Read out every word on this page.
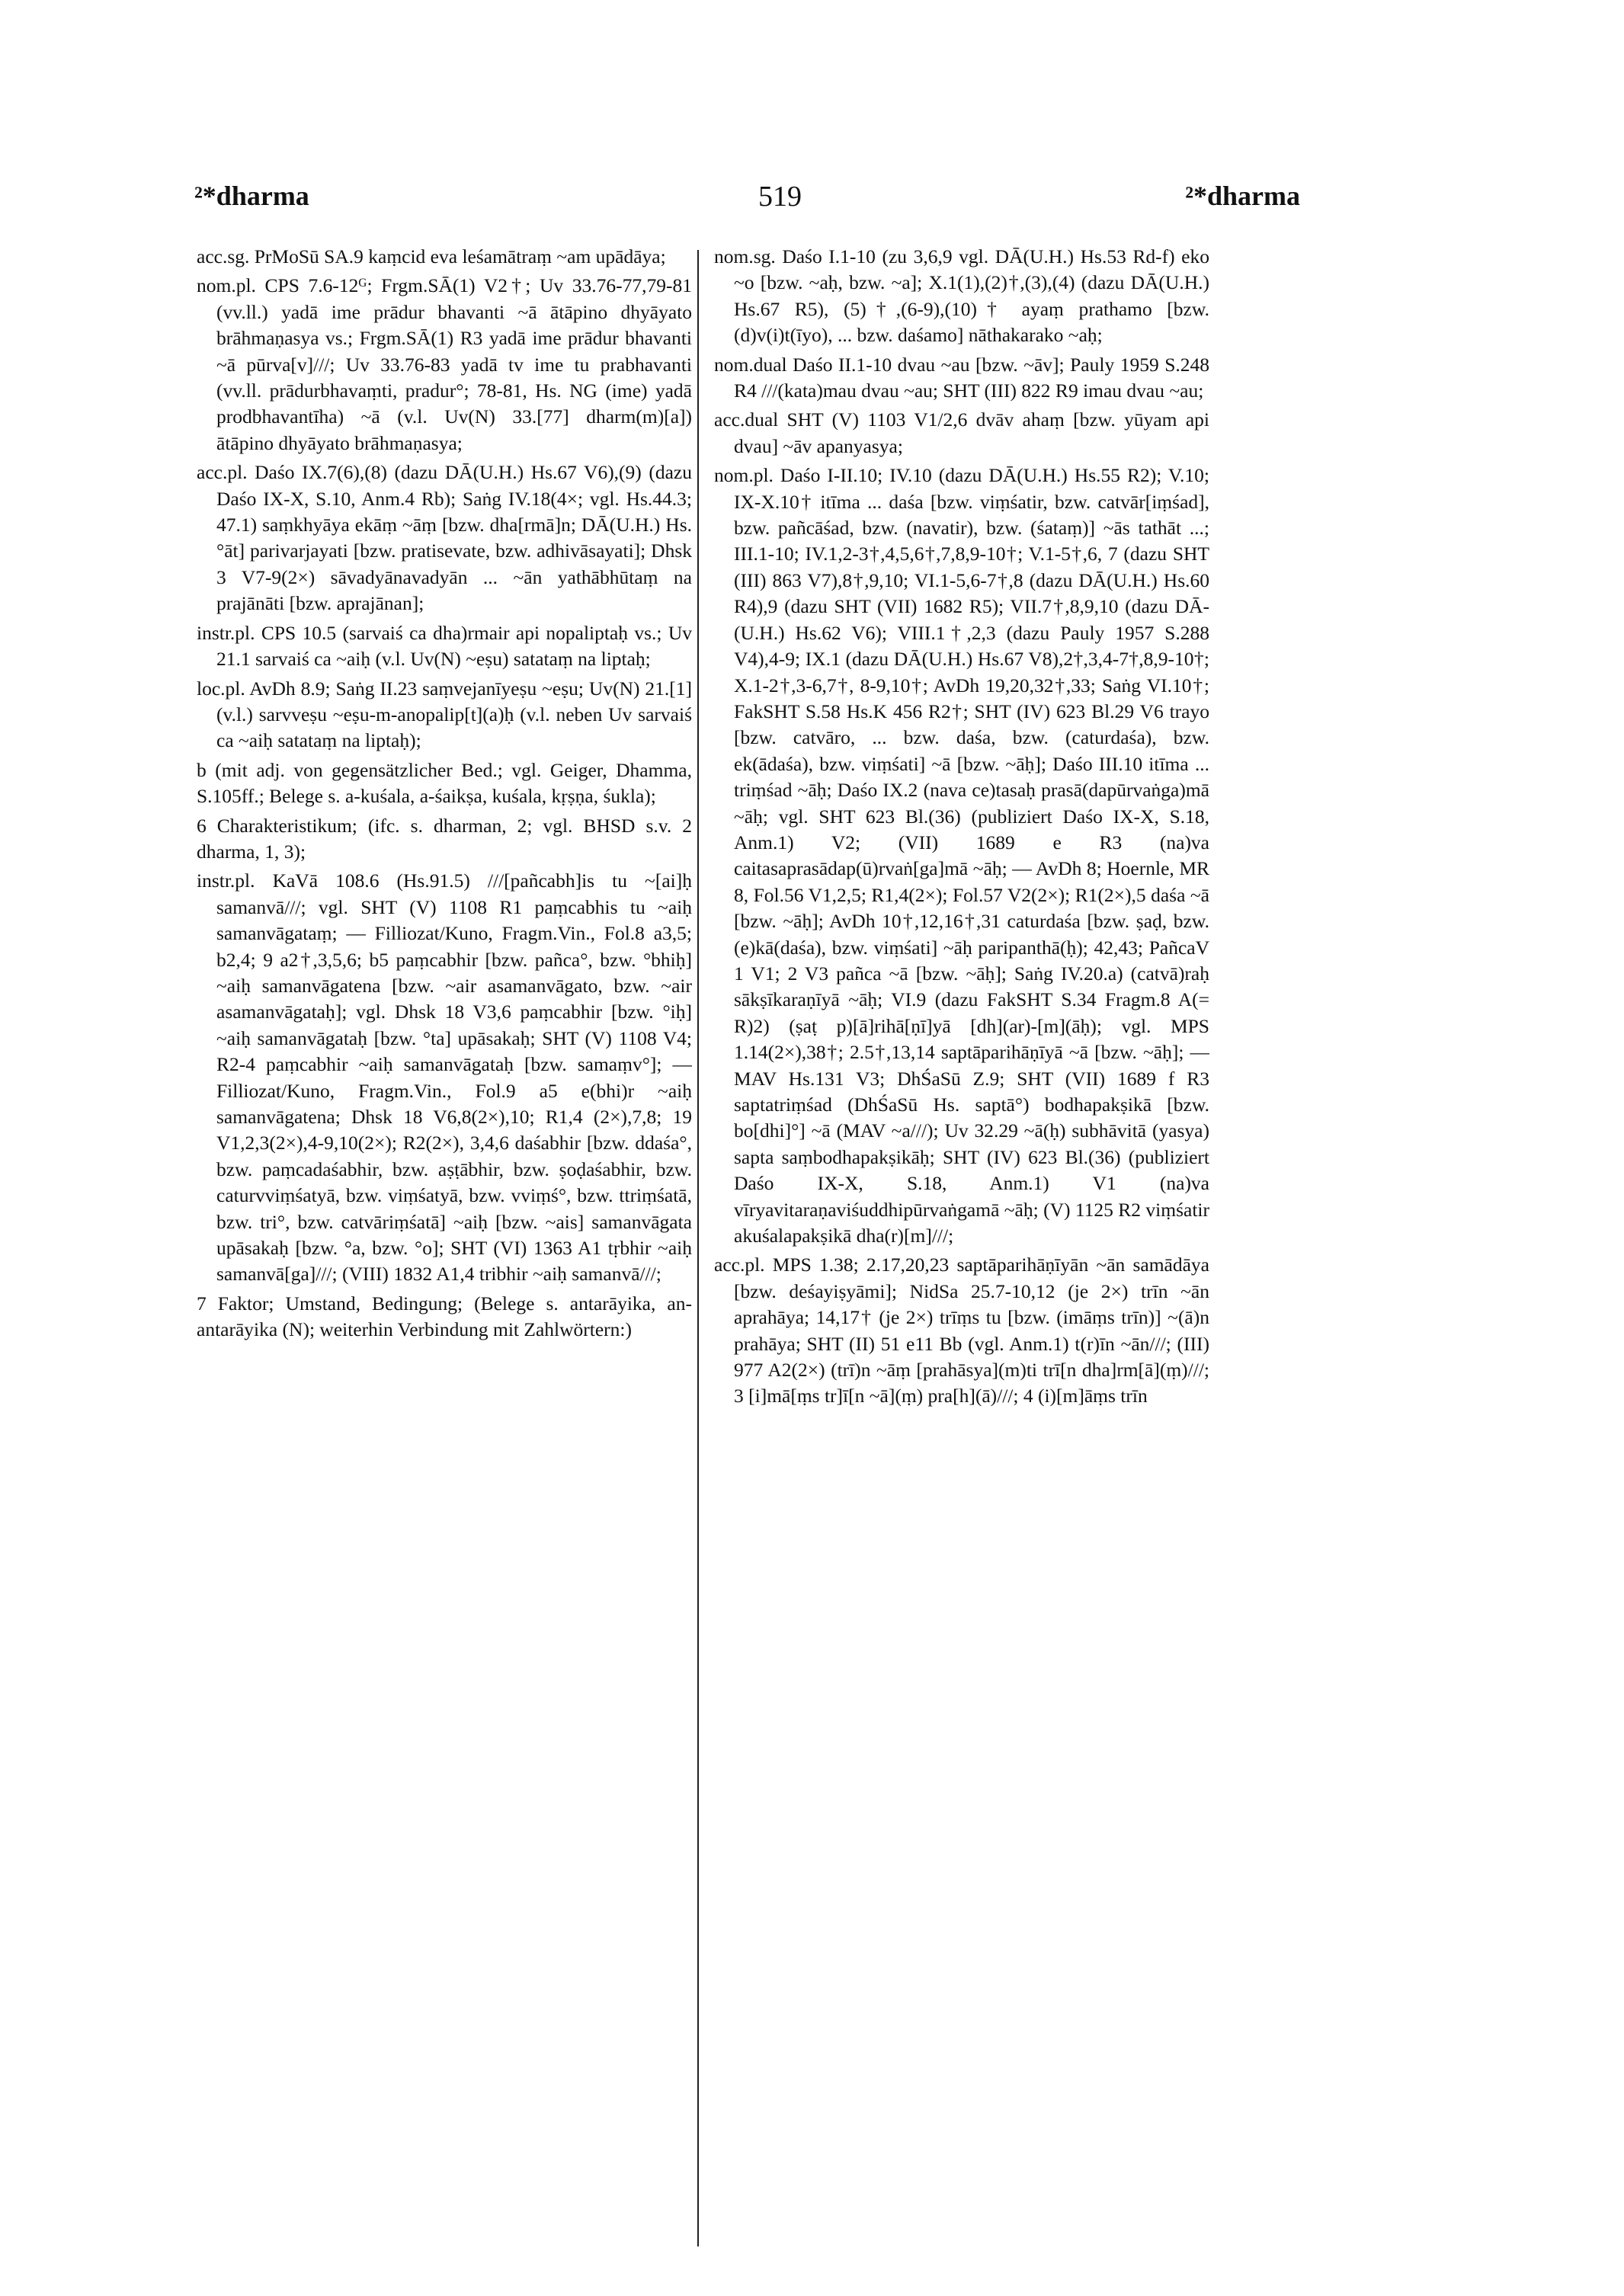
²*dharma	519	²*dharma

acc.sg. PrMoSū SA.9 kaṃcid eva leśamātraṃ ~am upādāya;

nom.pl. CPS 7.6-12ᴳ; Frgm.SĀ(1) V2†; Uv 33.76-77,79-81 (vv.ll.) yadā ime prādur bhavanti ~ā ātāpino dhyāyato brāhmaṇasya vs.; Frgm.SĀ(1) R3 yadā ime prādur bhavanti ~ā pūrva[v]///; Uv 33.76-83 yadā tv ime tu prabhavanti (vv.ll. prādurbhavaṃti, pradur°; 78-81, Hs. NG (ime) yadā prodbhavantīha) ~ā (v.l. Uv(N) 33.[77] dharm(m)[a]) ātāpino dhyāyato brāhmaṇasya;

acc.pl. Daśo IX.7(6),(8) (dazu DĀ(U.H.) Hs.67 V6),(9) (dazu Daśo IX-X, S.10, Anm.4 Rb); Saṅg IV.18(4×; vgl. Hs.44.3; 47.1) saṃkhyāya ekāṃ ~āṃ [bzw. dha[rmā]n; DĀ(U.H.) Hs. °āt] parivarjayati [bzw. pratisevate, bzw. adhivāsayati]; Dhsk 3 V7-9(2×) sāvadyānavadyān ... ~ān yathābhūtaṃ na prajānāti [bzw. aprajānan];

instr.pl. CPS 10.5 (sarvaiś ca dha)rmair api nopaliptaḥ vs.; Uv 21.1 sarvaiś ca ~aiḥ (v.l. Uv(N) ~eṣu) satataṃ na liptaḥ;

loc.pl. AvDh 8.9; Saṅg II.23 saṃvejanīyeṣu ~eṣu; Uv(N) 21.[1] (v.l.) sarvveṣu ~eṣu-m-anopalip[t](a)ḥ (v.l. neben Uv sarvaiś ca ~aiḥ satataṃ na liptaḥ);

b (mit adj. von gegensätzlicher Bed.; vgl. Geiger, Dhamma, S.105ff.; Belege s. a-kuśala, a-śaikṣa, kuśala, kṛṣṇa, śukla);

6 Charakteristikum; (ifc. s. dharman, 2; vgl. BHSD s.v. 2 dharma, 1, 3);

instr.pl. KaVā 108.6 (Hs.91.5) ///[pañcabh]is tu ~[ai]ḥ samanvā///; vgl. SHT (V) 1108 R1 paṃcabhis tu ~aiḥ samanvāgataṃ; — Filliozat/Kuno, Fragm.Vin., Fol.8 a3,5; b2,4; 9 a2†,3,5,6; b5 paṃcabhir [bzw. pañca°, bzw. °bhiḥ] ~aiḥ samanvāgatena [bzw. ~air asamanvāgato, bzw. ~air asamanvāgataḥ]; vgl. Dhsk 18 V3,6 paṃcabhir [bzw. °iḥ] ~aiḥ samanvāgataḥ [bzw. °ta] upāsakaḥ; SHT (V) 1108 V4; R2-4 paṃcabhir ~aiḥ samanvāgataḥ [bzw. samaṃv°]; — Filliozat/Kuno, Fragm.Vin., Fol.9 a5 e(bhi)r ~aiḥ samanvāgatena; Dhsk 18 V6,8(2×),10; R1,4 (2×),7,8; 19 V1,2,3(2×),4-9,10(2×); R2(2×), 3,4,6 daśabhir [bzw. ddaśa°, bzw. paṃcadaśabhir, bzw. aṣṭābhir, bzw. ṣoḍaśabhir, bzw. caturvviṃśatyā, bzw. viṃśatyā, bzw. vviṃś°, bzw. ttriṃśatā, bzw. tri°, bzw. catvāriṃśatā] ~aiḥ [bzw. ~ais] samanvāgata upāsakaḥ [bzw. °a, bzw. °o]; SHT (VI) 1363 A1 tṛbhir ~aiḥ samanvā[ga]///; (VIII) 1832 A1,4 tribhir ~aiḥ samanvā///;

7 Faktor; Umstand, Bedingung; (Belege s. antarāyika, an-antarāyika (N); weiterhin Verbindung mit Zahlwörtern:)

nom.sg. Daśo I.1-10 (zu 3,6,9 vgl. DĀ(U.H.) Hs.53 Rd-f) eko ~o [bzw. ~aḥ, bzw. ~a]; X.1(1),(2)†,(3),(4) (dazu DĀ(U.H.) Hs.67 R5), (5)†,(6-9),(10)† ayaṃ prathamo [bzw. (d)v(i)t(īyo), ... bzw. daśamo] nāthakarako ~aḥ;

nom.dual Daśo II.1-10 dvau ~au [bzw. ~āv]; Pauly 1959 S.248 R4 ///(kata)mau dvau ~au; SHT (III) 822 R9 imau dvau ~au;

acc.dual SHT (V) 1103 V1/2,6 dvāv ahaṃ [bzw. yūyam api dvau] ~āv apanyasya;

nom.pl. Daśo I-II.10; IV.10 (dazu DĀ(U.H.) Hs.55 R2); V.10; IX-X.10† itīma ... daśa [bzw. viṃśatir, bzw. catvār[iṃśad], bzw. pañcāśad, bzw. (navatir), bzw. (śataṃ)] ~ās tathāt ...; III.1-10; IV.1,2-3†,4,5,6†,7,8,9-10†; V.1-5†,6, 7 (dazu SHT (III) 863 V7),8†,9,10; VI.1-5,6-7†,8 (dazu DĀ(U.H.) Hs.60 R4),9 (dazu SHT (VII) 1682 R5); VII.7†,8,9,10 (dazu DĀ-(U.H.) Hs.62 V6); VIII.1†,2,3 (dazu Pauly 1957 S.288 V4),4-9; IX.1 (dazu DĀ(U.H.) Hs.67 V8),2†,3,4-7†,8,9-10†; X.1-2†,3-6,7†, 8-9,10†; AvDh 19,20,32†,33; Saṅg VI.10†; FakSHT S.58 Hs.K 456 R2†; SHT (IV) 623 Bl.29 V6 trayo [bzw. catvāro, ... bzw. daśa, bzw. (caturdaśa), bzw. ek(ādaśa), bzw. viṃśati] ~ā [bzw. ~āḥ]; Daśo III.10 itīma ... triṃśad ~āḥ; Daśo IX.2 (nava ce)tasaḥ prasā(dapūrvaṅga)mā ~āḥ; vgl. SHT 623 Bl.(36) (publiziert Daśo IX-X, S.18, Anm.1) V2; (VII) 1689 e R3 (na)va caitasaprasādap(ū)rvaṅ[ga]mā ~āḥ; — AvDh 8; Hoernle, MR 8, Fol.56 V1,2,5; R1,4(2×); Fol.57 V2(2×); R1(2×),5 daśa ~ā [bzw. ~āḥ]; AvDh 10†,12,16†,31 caturdaśa [bzw. ṣaḍ, bzw. (e)kā(daśa), bzw. viṃśati] ~āḥ paripanthā(ḥ); 42,43; PañcaV 1 V1; 2 V3 pañca ~ā [bzw. ~āḥ]; Saṅg IV.20.a) (catvā)raḥ sākṣīkaraṇīyā ~āḥ; VI.9 (dazu FakSHT S.34 Fragm.8 A(= R)2) (ṣaṭ p)[ā]rihā[ṇī]yā [dh](ar)-[m](āḥ); vgl. MPS 1.14(2×),38†; 2.5†,13,14 saptāparihāṇīyā ~ā [bzw. ~āḥ]; — MAV Hs.131 V3; DhŚaSū Z.9; SHT (VII) 1689 f R3 saptatriṃśad (DhŚaSū Hs. saptā°) bodhapakṣikā [bzw. bo[dhi]°] ~ā (MAV ~a///); Uv 32.29 ~ā(ḥ) subhāvitā (yasya) sapta saṃbodhapakṣikāḥ; SHT (IV) 623 Bl.(36) (publiziert Daśo IX-X, S.18, Anm.1) V1 (na)va vīryavitaraṇaviśuddhipūrvaṅgamā ~āḥ; (V) 1125 R2 viṃśatir akuśalapakṣikā dha(r)[m]///;

acc.pl. MPS 1.38; 2.17,20,23 saptāparihāṇīyān ~ān samādāya [bzw. deśayiṣyāmi]; NidSa 25.7-10,12 (je 2×) trīn ~ān aprahāya; 14,17† (je 2×) trīṃs tu [bzw. (imāṃs trīn)] ~(ā)n prahāya; SHT (II) 51 e11 Bb (vgl. Anm.1) t(r)īn ~ān///; (III) 977 A2(2×) (trī)n ~āṃ [prahāsya](m)ti trī[n dha]rm[ā](ṃ)///; 3 [i]mā[ṃs tr]ī[n ~ā](ṃ) pra[h](ā)///; 4 (i)[m]āṃs trīn
